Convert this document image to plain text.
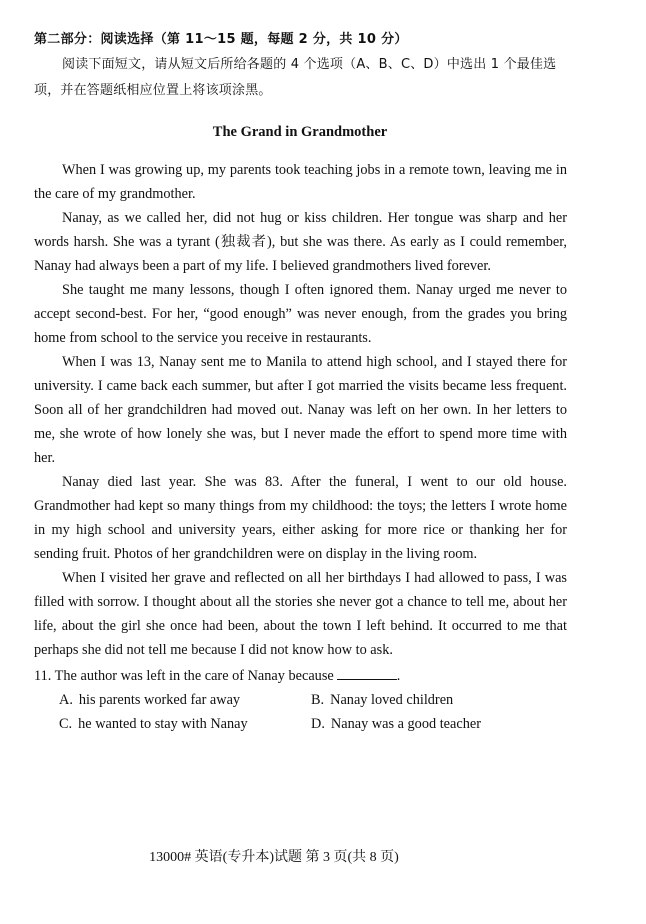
第二部分：阅读选择（第 11～15 题，每题 2 分，共 10 分）
阅读下面短文，请从短文后所给各题的 4 个选项（A、B、C、D）中选出 1 个最佳选项，并在答题纸相应位置上将该项涂黑。
The Grand in Grandmother

When I was growing up, my parents took teaching jobs in a remote town, leaving me in the care of my grandmother.

Nanay, as we called her, did not hug or kiss children. Her tongue was sharp and her words harsh. She was a tyrant (独裁者), but she was there. As early as I could remember, Nanay had always been a part of my life. I believed grandmothers lived forever.

She taught me many lessons, though I often ignored them. Nanay urged me never to accept second-best. For her, “good enough” was never enough, from the grades you bring home from school to the service you receive in restaurants.

When I was 13, Nanay sent me to Manila to attend high school, and I stayed there for university. I came back each summer, but after I got married the visits became less frequent. Soon all of her grandchildren had moved out. Nanay was left on her own. In her letters to me, she wrote of how lonely she was, but I never made the effort to spend more time with her.

Nanay died last year. She was 83. After the funeral, I went to our old house. Grandmother had kept so many things from my childhood: the toys; the letters I wrote home in my high school and university years, either asking for more rice or thanking her for sending fruit. Photos of her grandchildren were on display in the living room.

When I visited her grave and reflected on all her birthdays I had allowed to pass, I was filled with sorrow. I thought about all the stories she never got a chance to tell me, about her life, about the girl she once had been, about the town I left behind. It occurred to me that perhaps she did not tell me because I did not know how to ask.

11. The author was left in the care of Nanay because	.
A. his parents worked far away	B. Nanay loved children
C. he wanted to stay with Nanay	D. Nanay was a good teacher
13000# 英语(专升本)试题 第 3 页(共 8 页)
